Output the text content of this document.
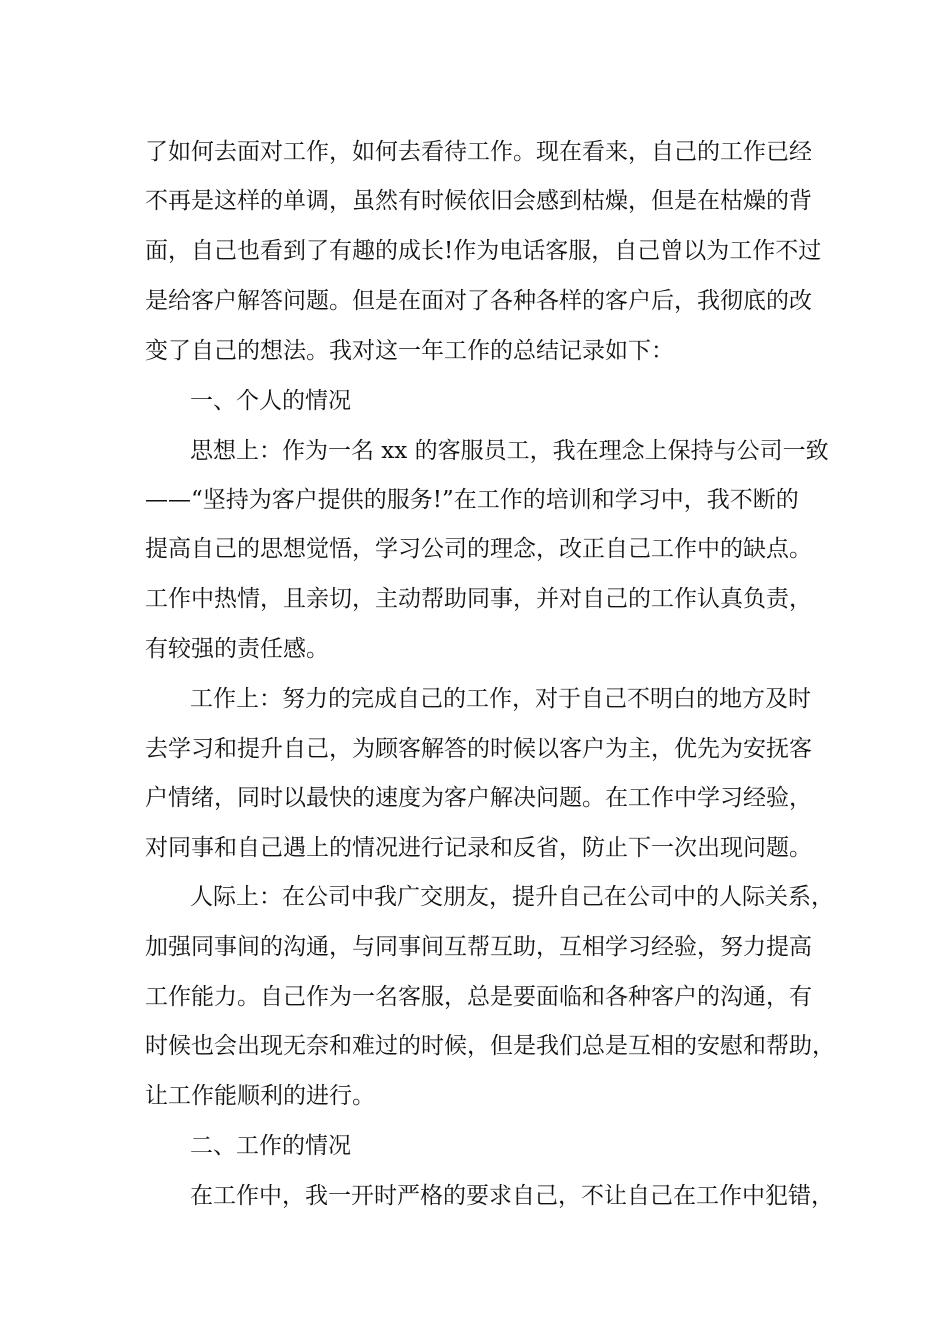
了如何去面对工作，如何去看待工作。现在看来，自己的工作已经
不再是这样的单调，虽然有时候依旧会感到枯燥，但是在枯燥的背
面，自己也看到了有趣的成长!作为电话客服，自己曾以为工作不过
是给客户解答问题。但是在面对了各种各样的客户后，我彻底的改
变了自己的想法。我对这一年工作的总结记录如下：
一、个人的情况
思想上：作为一名 xx 的客服员工，我在理念上保持与公司一致
——“坚持为客户提供的服务!”在工作的培训和学习中，我不断的
提高自己的思想觉悟，学习公司的理念，改正自己工作中的缺点。
工作中热情，且亲切，主动帮助同事，并对自己的工作认真负责，
有较强的责任感。
工作上：努力的完成自己的工作，对于自己不明白的地方及时
去学习和提升自己，为顾客解答的时候以客户为主，优先为安抚客
户情绪，同时以最快的速度为客户解决问题。在工作中学习经验，
对同事和自己遇上的情况进行记录和反省，防止下一次出现问题。
人际上：在公司中我广交朋友，提升自己在公司中的人际关系，
加强同事间的沟通，与同事间互帮互助，互相学习经验，努力提高
工作能力。自己作为一名客服，总是要面临和各种客户的沟通，有
时候也会出现无奈和难过的时候，但是我们总是互相的安慰和帮助，
让工作能顺利的进行。
二、工作的情况
在工作中，我一开时严格的要求自己，不让自己在工作中犯错，
